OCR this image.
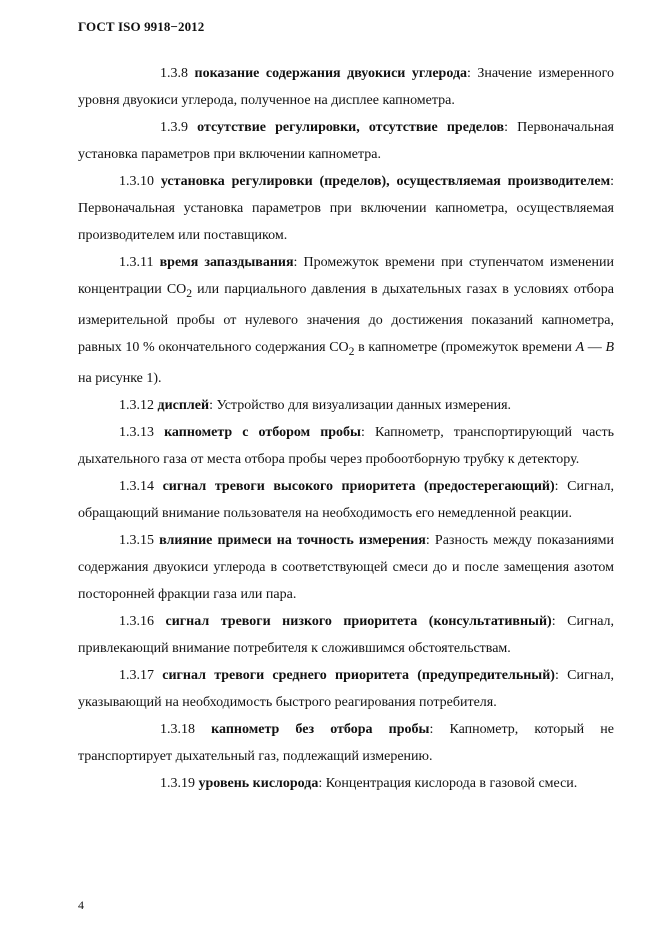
ГОСТ ISO 9918−2012

1.3.8 показание содержания двуокиси углерода: Значение измеренного уровня двуокиси углерода, полученное на дисплее капнометра.

1.3.9 отсутствие регулировки, отсутствие пределов: Первоначальная установка параметров при включении капнометра.

1.3.10 установка регулировки (пределов), осуществляемая производителем: Первоначальная установка параметров при включении капнометра, осуществляемая производителем или поставщиком.

1.3.11 время запаздывания: Промежуток времени при ступенчатом изменении концентрации $CO_2$ или парциального давления в дыхательных газах в условиях отбора измерительной пробы от нулевого значения до достижения показаний капнометра, равных 10 % окончательного содержания $CO_2$ в капнометре (промежуток времени A — B на рисунке 1).

1.3.12 дисплей: Устройство для визуализации данных измерения.

1.3.13 капнометр с отбором пробы: Капнометр, транспортирующий часть дыхательного газа от места отбора пробы через пробоотборную трубку к детектору.

1.3.14 сигнал тревоги высокого приоритета (предостерегающий): Сигнал, обращающий внимание пользователя на необходимость его немедленной реакции.

1.3.15 влияние примеси на точность измерения: Разность между показаниями содержания двуокиси углерода в соответствующей смеси до и после замещения азотом посторонней фракции газа или пара.

1.3.16 сигнал тревоги низкого приоритета (консультативный): Сигнал, привлекающий внимание потребителя к сложившимся обстоятельствам.

1.3.17 сигнал тревоги среднего приоритета (предупредительный): Сигнал, указывающий на необходимость быстрого реагирования потребителя.

1.3.18 капнометр без отбора пробы: Капнометр, который не транспортирует дыхательный газ, подлежащий измерению.

1.3.19 уровень кислорода: Концентрация кислорода в газовой смеси.

4
